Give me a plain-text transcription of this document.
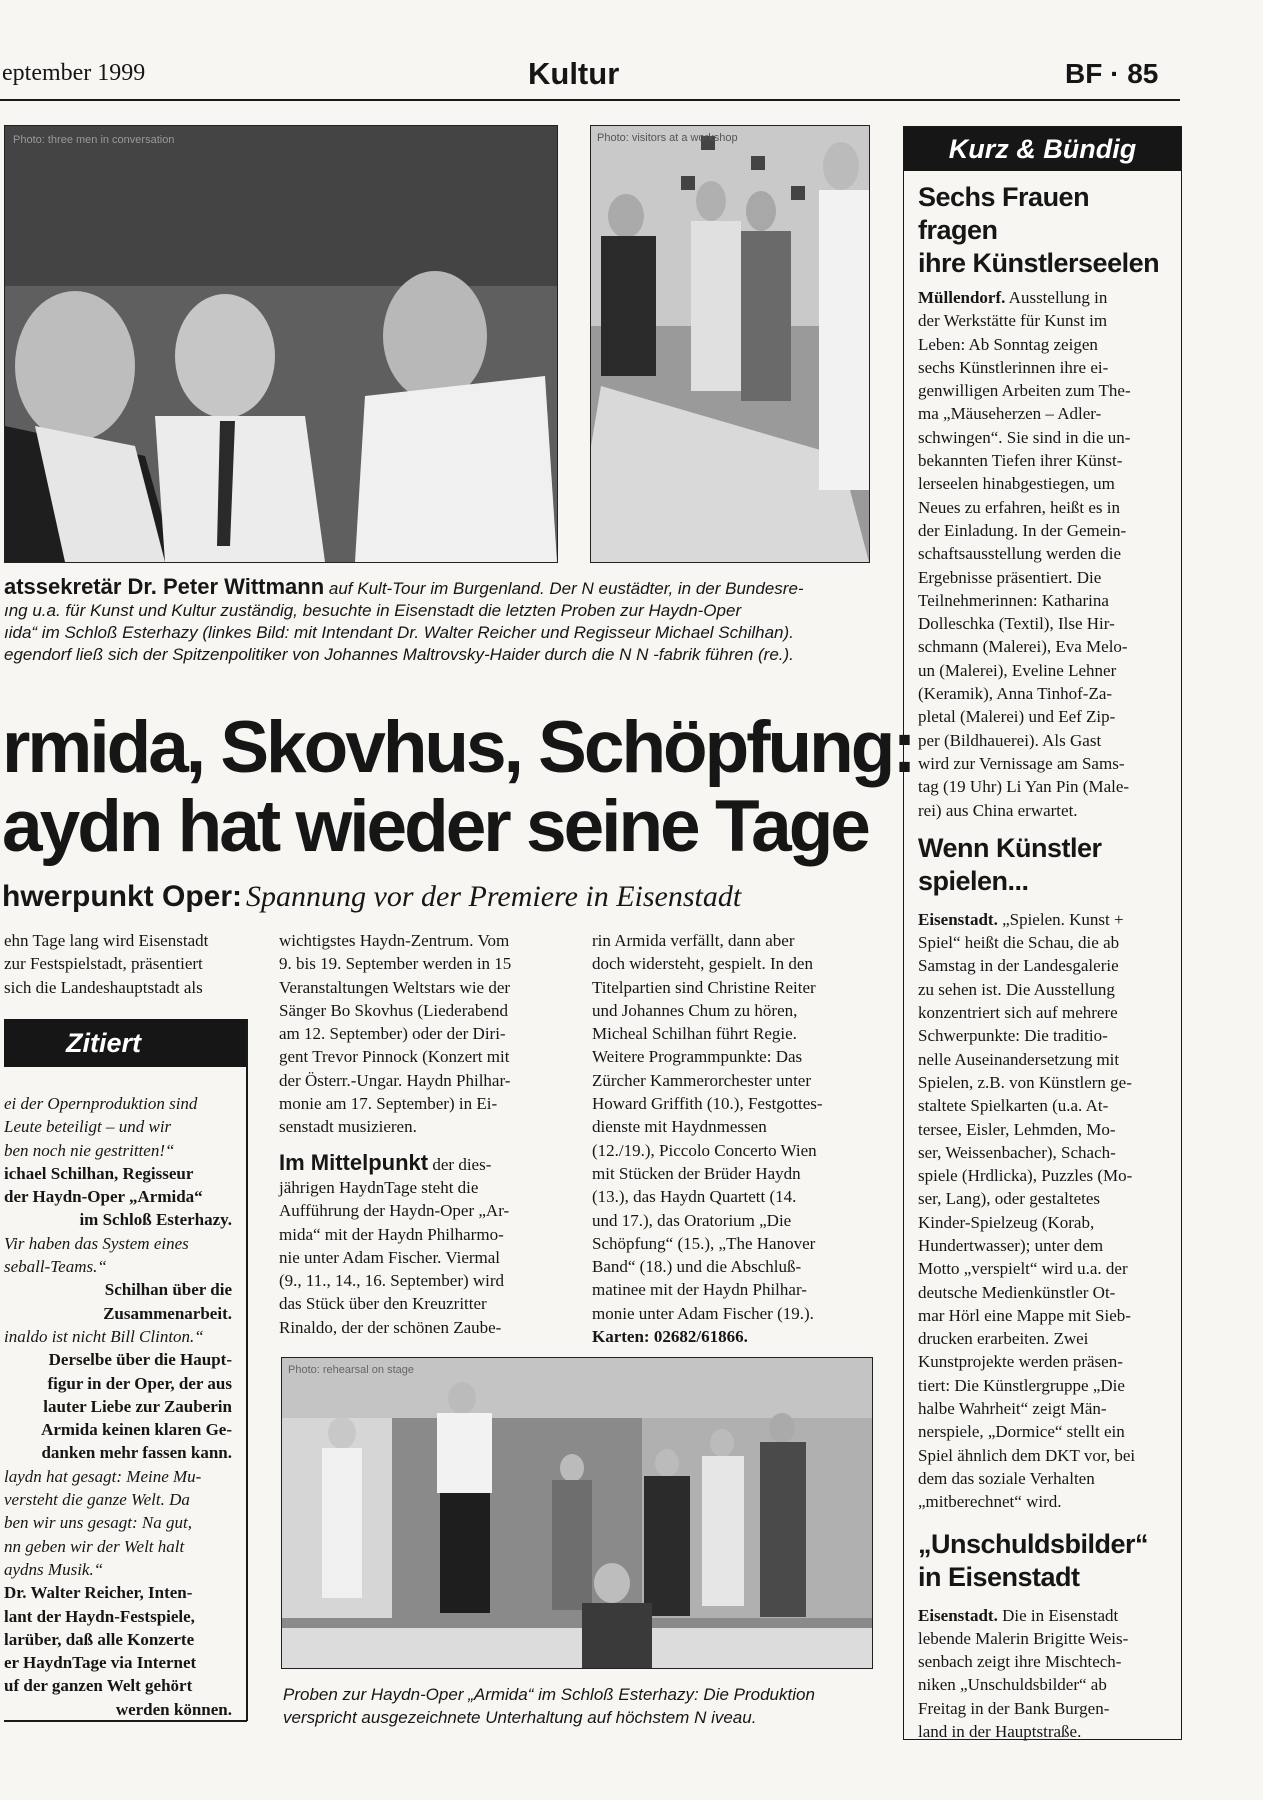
eptember 1999	Kultur	BF · 85
Photo: three men in conversation	Photo: visitors at a workshop
atssekretär Dr. Peter Wittmann auf Kult-Tour im Burgenland. Der N eustädter, in der Bundesre-
ıng u.a. für Kunst und Kultur zuständig, besuchte in Eisenstadt die letzten Proben zur Haydn-Oper
ıida“ im Schloß Esterhazy (linkes Bild: mit Intendant Dr. Walter Reicher und Regisseur Michael Schilhan).
egendorf ließ sich der Spitzenpolitiker von Johannes Maltrovsky-Haider durch die N N -fabrik führen (re.).
rmida, Skovhus, Schöpfung:
aydn hat wieder seine Tage
hwerpunkt Oper: Spannung vor der Premiere in Eisenstadt
ehn Tage lang wird Eisenstadt
zur Festspielstadt, präsentiert
sich die Landeshauptstadt als
Zitiert
ei der Opernproduktion sind
Leute beteiligt – und wir
ben noch nie gestritten!“
ichael Schilhan, Regisseur
der Haydn-Oper „Armida“
im Schloß Esterhazy.
Vir haben das System eines
seball-Teams.“
Schilhan über die
Zusammenarbeit.
inaldo ist nicht Bill Clinton.“
Derselbe über die Haupt-
figur in der Oper, der aus
lauter Liebe zur Zauberin
Armida keinen klaren Ge-
danken mehr fassen kann.
laydn hat gesagt: Meine Mu-
versteht die ganze Welt. Da
ben wir uns gesagt: Na gut,
nn geben wir der Welt halt
aydns Musik.“
Dr. Walter Reicher, Inten-
lant der Haydn-Festspiele,
larüber, daß alle Konzerte
er HaydnTage via Internet
uf der ganzen Welt gehört
werden können.
wichtigstes Haydn-Zentrum. Vom
9. bis 19. September werden in 15
Veranstaltungen Weltstars wie der
Sänger Bo Skovhus (Liederabend
am 12. September) oder der Diri-
gent Trevor Pinnock (Konzert mit
der Österr.-Ungar. Haydn Philhar-
monie am 17. September) in Ei-
senstadt musizieren.
Im Mittelpunkt der dies-
jährigen HaydnTage steht die
Aufführung der Haydn-Oper „Ar-
mida“ mit der Haydn Philharmo-
nie unter Adam Fischer. Viermal
(9., 11., 14., 16. September) wird
das Stück über den Kreuzritter
Rinaldo, der der schönen Zaube-
rin Armida verfällt, dann aber
doch widersteht, gespielt. In den
Titelpartien sind Christine Reiter
und Johannes Chum zu hören,
Micheal Schilhan führt Regie.
Weitere Programmpunkte: Das
Zürcher Kammerorchester unter
Howard Griffith (10.), Festgottes-
dienste mit Haydnmessen
(12./19.), Piccolo Concerto Wien
mit Stücken der Brüder Haydn
(13.), das Haydn Quartett (14.
und 17.), das Oratorium „Die
Schöpfung“ (15.), „The Hanover
Band“ (18.) und die Abschluß-
matinee mit der Haydn Philhar-
monie unter Adam Fischer (19.).
Karten: 02682/61866.
Photo: rehearsal on stage
Proben zur Haydn-Oper „Armida“ im Schloß Esterhazy: Die Produktion
verspricht ausgezeichnete Unterhaltung auf höchstem N iveau.
Kurz & Bündig
Sechs Frauen fragen
ihre Künstlerseelen
Müllendorf. Ausstellung in
der Werkstätte für Kunst im
Leben: Ab Sonntag zeigen
sechs Künstlerinnen ihre ei-
genwilligen Arbeiten zum The-
ma „Mäuseherzen – Adler-
schwingen“. Sie sind in die un-
bekannten Tiefen ihrer Künst-
lerseelen hinabgestiegen, um
Neues zu erfahren, heißt es in
der Einladung. In der Gemein-
schaftsausstellung werden die
Ergebnisse präsentiert. Die
Teilnehmerinnen: Katharina
Dolleschka (Textil), Ilse Hir-
schmann (Malerei), Eva Melo-
un (Malerei), Eveline Lehner
(Keramik), Anna Tinhof-Za-
pletal (Malerei) und Eef Zip-
per (Bildhauerei). Als Gast
wird zur Vernissage am Sams-
tag (19 Uhr) Li Yan Pin (Male-
rei) aus China erwartet.
Wenn Künstler
spielen...
Eisenstadt. „Spielen. Kunst +
Spiel“ heißt die Schau, die ab
Samstag in der Landesgalerie
zu sehen ist. Die Ausstellung
konzentriert sich auf mehrere
Schwerpunkte: Die traditio-
nelle Auseinandersetzung mit
Spielen, z.B. von Künstlern ge-
staltete Spielkarten (u.a. At-
tersee, Eisler, Lehmden, Mo-
ser, Weissenbacher), Schach-
spiele (Hrdlicka), Puzzles (Mo-
ser, Lang), oder gestaltetes
Kinder-Spielzeug (Korab,
Hundertwasser); unter dem
Motto „verspielt“ wird u.a. der
deutsche Medienkünstler Ot-
mar Hörl eine Mappe mit Sieb-
drucken erarbeiten. Zwei
Kunstprojekte werden präsen-
tiert: Die Künstlergruppe „Die
halbe Wahrheit“ zeigt Män-
nerspiele, „Dormice“ stellt ein
Spiel ähnlich dem DKT vor, bei
dem das soziale Verhalten
„mitberechnet“ wird.
„Unschuldsbilder“
in Eisenstadt
Eisenstadt. Die in Eisenstadt
lebende Malerin Brigitte Weis-
senbach zeigt ihre Mischtech-
niken „Unschuldsbilder“ ab
Freitag in der Bank Burgen-
land in der Hauptstraße.
